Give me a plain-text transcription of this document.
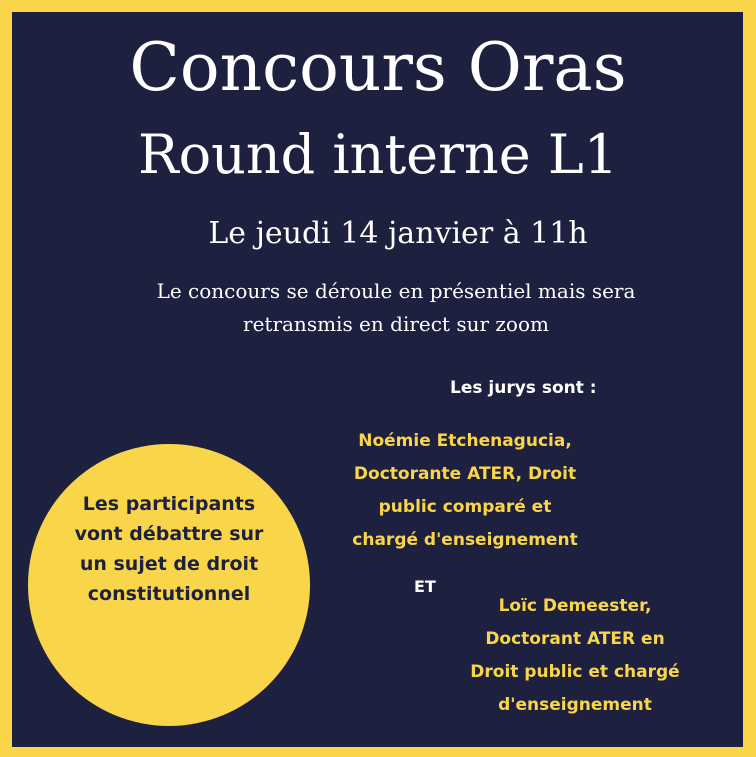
Concours Oras
Round interne L1
Le jeudi 14 janvier à 11h
Le concours se déroule en présentiel mais sera
retransmis en direct sur zoom
Les jurys sont :
Noémie Etchenagucia,
Doctorante ATER, Droit
public comparé et
chargé d'enseignement
ET
Loïc Demeester,
Doctorant ATER en
Droit public et chargé
d'enseignement
Les participants
vont débattre sur
un sujet de droit
constitutionnel
